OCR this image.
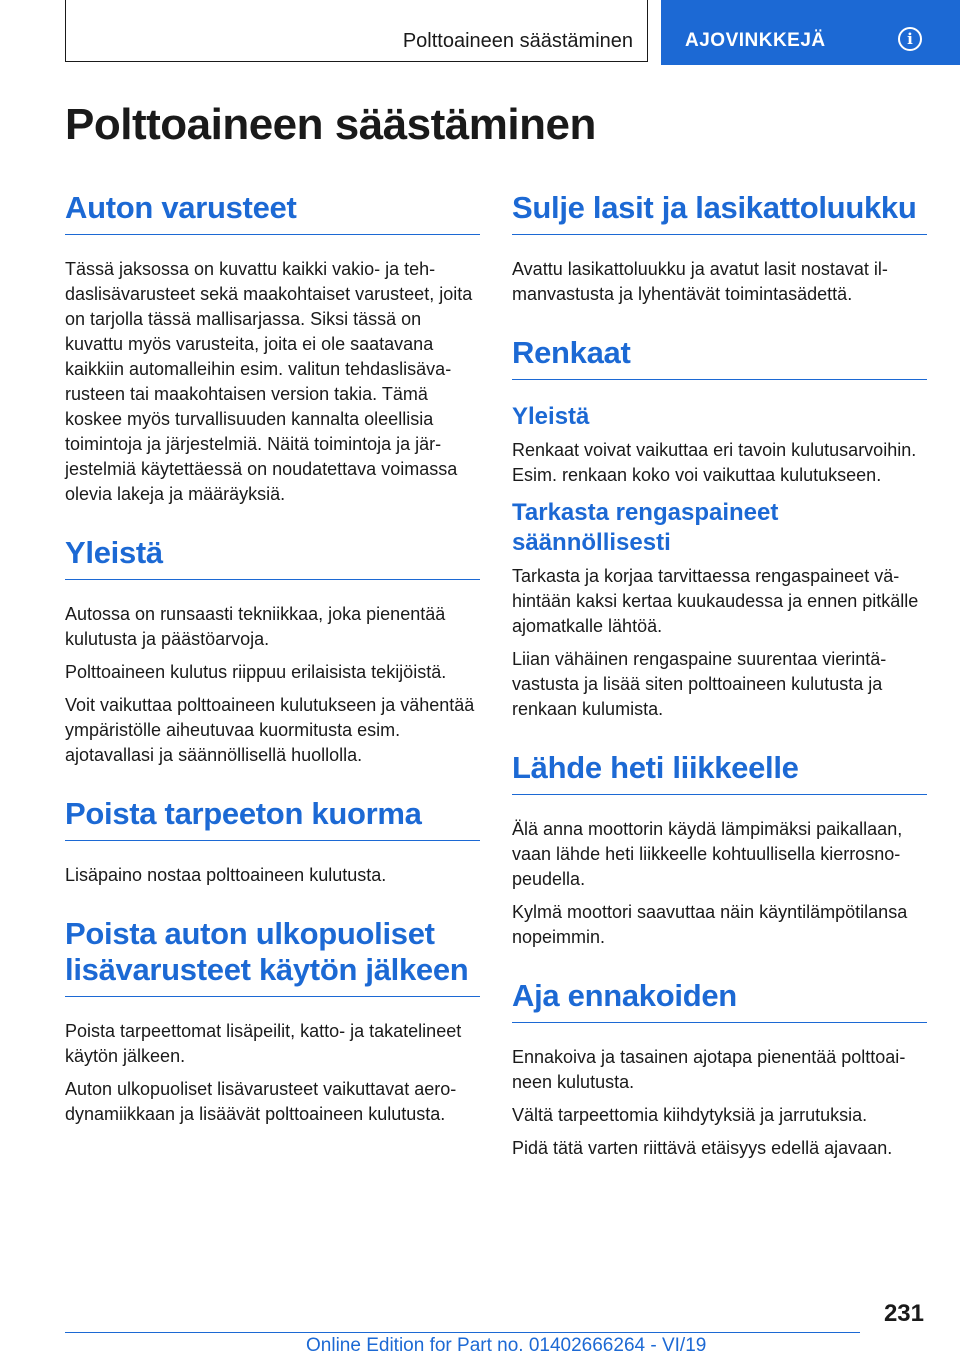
Polttoaineen säästäminen	AJOVINKKEJÄ	i
Polttoaineen säästäminen
Auton varusteet

Tässä jaksossa on kuvattu kaikki vakio- ja tehdaslisävarusteet sekä maakohtaiset varusteet, joita on tarjolla tässä mallisarjassa. Siksi tässä on kuvattu myös varusteita, joita ei ole saatavana kaikkiin automalleihin esim. valitun tehdaslisävarusteen tai maakohtaisen version takia. Tämä koskee myös turvallisuuden kannalta oleellisia toimintoja ja järjestelmiä. Näitä toimintoja ja järjestelmiä käytettäessä on noudatettava voimassa olevia lakeja ja määräyksiä.

Yleistä

Autossa on runsaasti tekniikkaa, joka pienentää kulutusta ja päästöarvoja.

Polttoaineen kulutus riippuu erilaisista tekijöistä.

Voit vaikuttaa polttoaineen kulutukseen ja vähentää ympäristölle aiheutuvaa kuormitusta esim. ajotavallasi ja säännöllisellä huollolla.

Poista tarpeeton kuorma

Lisäpaino nostaa polttoaineen kulutusta.

Poista auton ulkopuoliset lisävarusteet käytön jälkeen

Poista tarpeettomat lisäpeilit, katto- ja takatelineet käytön jälkeen.

Auton ulkopuoliset lisävarusteet vaikuttavat aerodynamiikkaan ja lisäävät polttoaineen kulutusta.

Sulje lasit ja lasikattoluukku

Avattu lasikattoluukku ja avatut lasit nostavat ilmanvastusta ja lyhentävät toimintasädettä.

Renkaat
Yleistä

Renkaat voivat vaikuttaa eri tavoin kulutusarvoihin. Esim. renkaan koko voi vaikuttaa kulutukseen.

Tarkasta rengaspaineet säännöllisesti

Tarkasta ja korjaa tarvittaessa rengaspaineet vähintään kaksi kertaa kuukaudessa ja ennen pitkälle ajomatkalle lähtöä.

Liian vähäinen rengaspaine suurentaa vierintävastusta ja lisää siten polttoaineen kulutusta ja renkaan kulumista.

Lähde heti liikkeelle

Älä anna moottorin käydä lämpimäksi paikallaan, vaan lähde heti liikkeelle kohtuullisella kierrosnopeudella.

Kylmä moottori saavuttaa näin käyntilämpötilansa nopeimmin.

Aja ennakoiden

Ennakoiva ja tasainen ajotapa pienentää polttoaineen kulutusta.

Vältä tarpeettomia kiihdytyksiä ja jarrutuksia.

Pidä tätä varten riittävä etäisyys edellä ajavaan.

231
Online Edition for Part no. 01402666264 - VI/19
